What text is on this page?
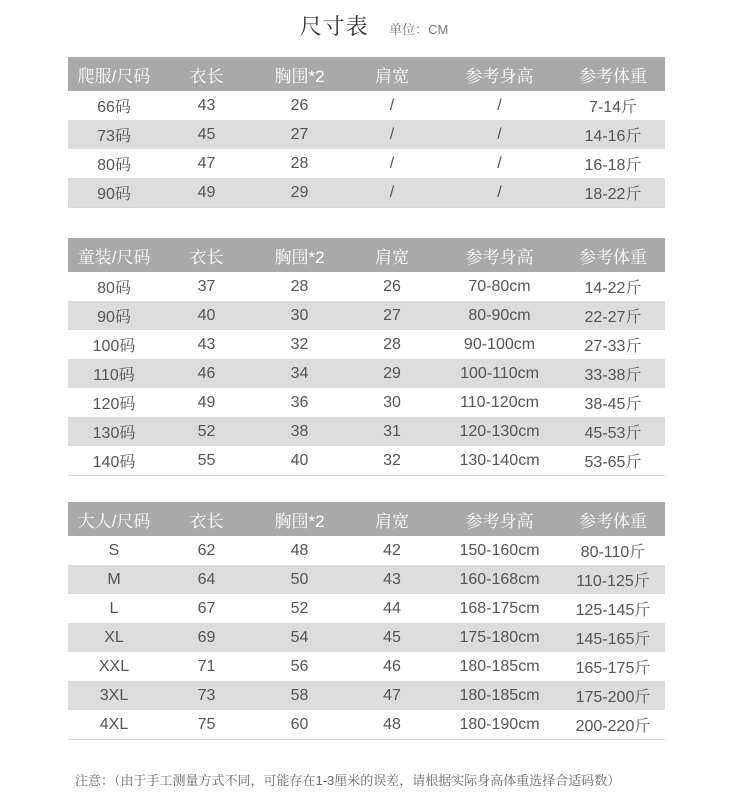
尺寸表 单位：CM
爬服/尺码	衣长	胸围*2	肩宽	参考身高	参考体重
66码	43	26	/	/	7-14斤
73码	45	27	/	/	14-16斤
80码	47	28	/	/	16-18斤
90码	49	29	/	/	18-22斤
童装/尺码	衣长	胸围*2	肩宽	参考身高	参考体重
80码	37	28	26	70-80cm	14-22斤
90码	40	30	27	80-90cm	22-27斤
100码	43	32	28	90-100cm	27-33斤
110码	46	34	29	100-110cm	33-38斤
120码	49	36	30	110-120cm	38-45斤
130码	52	38	31	120-130cm	45-53斤
140码	55	40	32	130-140cm	53-65斤
大人/尺码	衣长	胸围*2	肩宽	参考身高	参考体重
S	62	48	42	150-160cm	80-110斤
M	64	50	43	160-168cm	110-125斤
L	67	52	44	168-175cm	125-145斤
XL	69	54	45	175-180cm	145-165斤
XXL	71	56	46	180-185cm	165-175斤
3XL	73	58	47	180-185cm	175-200斤
4XL	75	60	48	180-190cm	200-220斤
注意：（由于手工测量方式不同，可能存在1-3厘米的误差，请根据实际身高体重选择合适码数）
